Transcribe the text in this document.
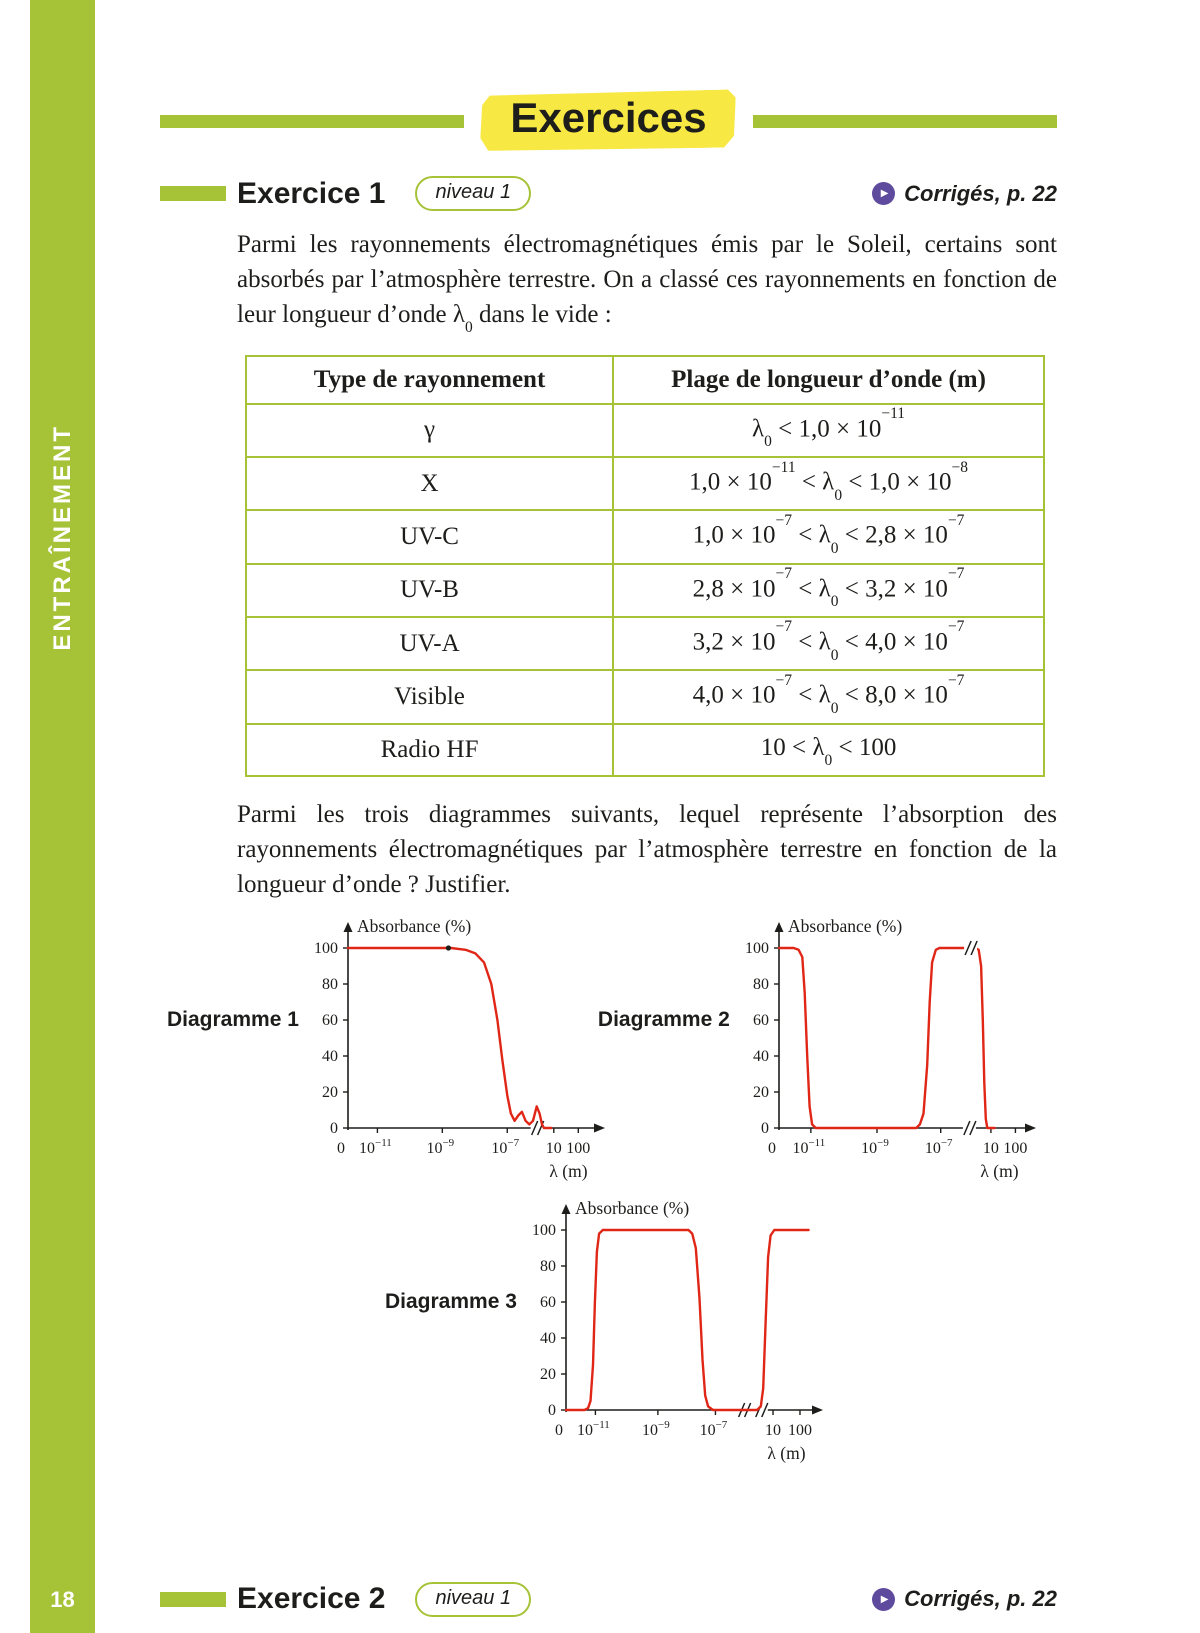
ENTRAÎNEMENT
18
Exercices
Exercice 1	niveau 1	▶ Corrigés, p. 22

Parmi les rayonnements électromagnétiques émis par le Soleil, certains sont absorbés par l’atmosphère terrestre. On a classé ces rayonnements en fonction de leur longueur d’onde $\lambda_0$ dans le vide :

Type de rayonnement	Plage de longueur d’onde (m)
γ	$\lambda_0 < 1,0 \times 10^{-11}$
X	$1,0 \times 10^{-11} < \lambda_0 < 1,0 \times 10^{-8}$
UV-C	$1,0 \times 10^{-7} < \lambda_0 < 2,8 \times 10^{-7}$
UV-B	$2,8 \times 10^{-7} < \lambda_0 < 3,2 \times 10^{-7}$
UV-A	$3,2 \times 10^{-7} < \lambda_0 < 4,0 \times 10^{-7}$
Visible	$4,0 \times 10^{-7} < \lambda_0 < 8,0 \times 10^{-7}$
Radio HF	$10 < \lambda_0 < 100$

Parmi les trois diagrammes suivants, lequel représente l’absorption des rayonnements électromagnétiques par l’atmosphère terrestre en fonction de la longueur d’onde ? Justifier.

Diagramme 1
Absorbance (%)
0
20
40
60
80
100
0 $10^{-11}$ $10^{-9}$ $10^{-7}$ 10 100
λ (m)
Diagramme 2
Absorbance (%)
0
20
40
60
80
100
0 $10^{-11}$ $10^{-9}$ $10^{-7}$ 10 100
λ (m)
Diagramme 3
Absorbance (%)
0
20
40
60
80
100
0 $10^{-11}$ $10^{-9}$ $10^{-7}$ 10 100
λ (m)
Exercice 2	niveau 1	▶ Corrigés, p. 22
